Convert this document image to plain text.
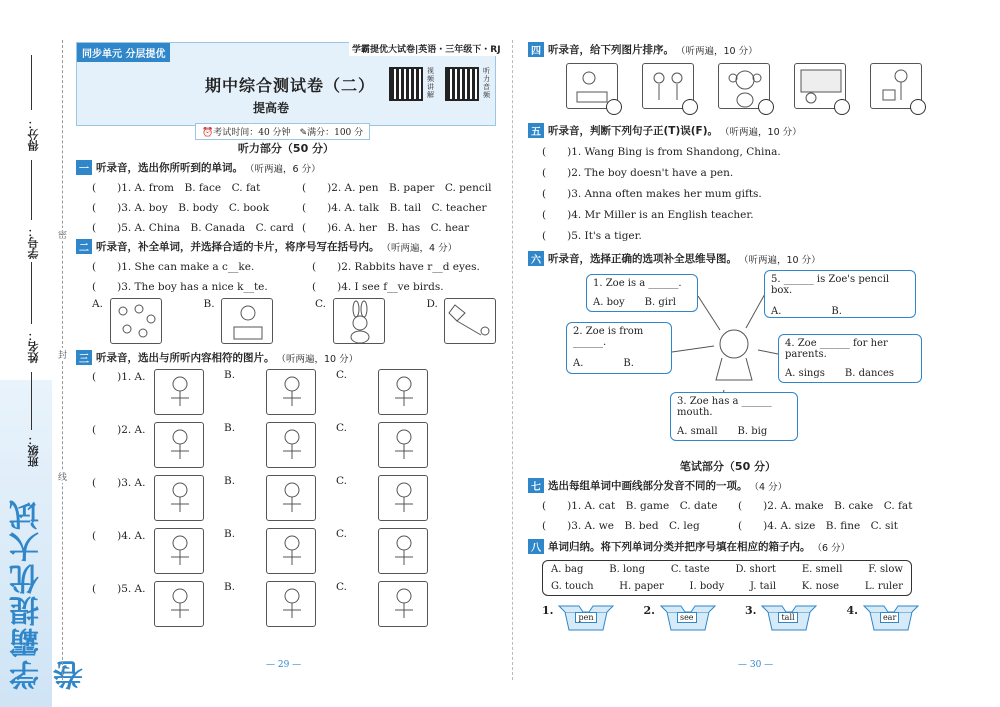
学霸提优大试卷
得分：
学号：
姓名：
班级：
密
封
线
同步单元 分层提优	学霸提优大试卷|英语・三年级下・RJ
期中综合测试卷（二）
提高卷
视频讲解
听力音频
⏰考试时间：40 分钟　 ✎满分：100 分
听力部分（50 分）
一 听录音，选出你所听到的单词。 （听两遍，6 分）
(　　)1. A. from　B. face　C. fat	(　　)2. A. pen　B. paper　C. pencil
(　　)3. A. boy　B. body　C. book	(　　)4. A. talk　B. tail　C. teacher
(　　)5. A. China　B. Canada　C. card (　　)6. A. her　B. has　C. hear
二 听录音，补全单词，并选择合适的卡片，将序号写在括号内。 （听两遍，4 分）
(　　)1. She can make a c__ke.	(　　)2. Rabbits have r__d eyes.
(　　)3. The boy has a nice k__te.	(　　)4. I see f__ve birds.
A.	B.	C.	D.
三 听录音，选出与所听内容相符的图片。 （听两遍，10 分）
(　　)1. A.	B.	C.
(　　)2. A.	B.	C.
(　　)3. A.	B.	C.
(　　)4. A.	B.	C.
(　　)5. A.	B.	C.
— 29 —
四 听录音，给下列图片排序。 （听两遍，10 分）
五 听录音，判断下列句子正(T)误(F)。 （听两遍，10 分）
(　　)1. Wang Bing is from Shandong, China.
(　　)2. The boy doesn't have a pen.
(　　)3. Anna often makes her mum gifts.
(　　)4. Mr Miller is an English teacher.
(　　)5. It's a tiger.
六 听录音，选择正确的选项补全思维导图。 （听两遍，10 分）
1. Zoe is a ______.
A. boy　　B. girl
2. Zoe is from ______.
A.　　　　B.
5. ______ is Zoe's pencil box.
A.　　　　　B.
4. Zoe ______ for her parents.
A. sings　　B. dances
3. Zoe has a ______ mouth.
A. small　　B. big
笔试部分（50 分）
七 选出每组单词中画线部分发音不同的一项。 （4 分）
(　　)1. A. cat　B. game　C. date	(　　)2. A. make　B. cake　C. fat
(　　)3. A. we　B. bed　C. leg	(　　)4. A. size　B. fine　C. sit
八 单词归纳。将下列单词分类并把序号填在相应的箱子内。 （6 分）
A. bag	B. long	C. taste	D. short	E. smell	F. slow
G. touch	H. paper	I. body	J. tail	K. nose	L. ruler
1.
pen
2.
see
3.
tall
4.
ear
— 30 —
